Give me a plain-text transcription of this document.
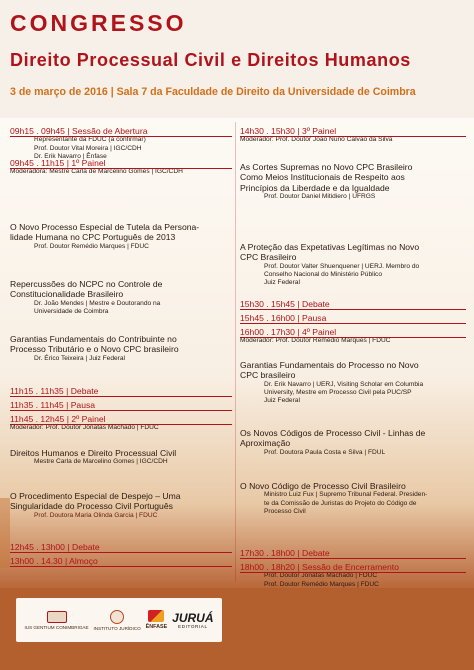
CONGRESSO
Direito Processual Civil e Direitos Humanos
3 de março de 2016 | Sala 7 da Faculdade de Direito da Universidade de Coimbra
09h15 . 09h45 | Sessão de Abertura
Representante da FDUC (a confirmar)
Prof. Doutor Vital Moreira | IGC/CDH
Dr. Erik Navarro | Ênfase
09h45 . 11h15 | 1º Painel
Moderadora: Mestre Carla de Marcelino Gomes | IGC/CDH
O Novo Processo Especial de Tutela da Persona-
lidade Humana no CPC Português de 2013
Prof. Doutor Remédio Marques | FDUC
Repercussões do NCPC no Controle de
Constitucionalidade Brasileiro
Dr. João Mendes | Mestre e Doutorando na
Universidade de Coimbra
Garantias Fundamentais do Contribuinte no
Processo Tributário e o Novo CPC brasileiro
Dr. Érico Teixeira | Juiz Federal
11h15 . 11h35 | Debate
11h35 . 11h45 | Pausa
11h45 . 12h45 | 2º Painel
Moderador: Prof. Doutor Jónatas Machado | FDUC
Direitos Humanos e Direito Processual Civil
Mestre Carla de Marcelino Gomes | IGC/CDH
O Procedimento Especial de Despejo – Uma
Singularidade do Processo Civil Português
Prof. Doutora Maria Olinda Garcia | FDUC
12h45 . 13h00 | Debate
13h00 . 14.30 | Almoço
14h30 . 15h30 | 3º Painel
Moderador: Prof. Doutor João Nuno Calvão da Silva
As Cortes Supremas no Novo CPC Brasileiro
Como Meios Institucionais de Respeito aos
Princípios da Liberdade e da Igualdade
Prof. Doutor Daniel Mitidiero | UFRGS
A Proteção das Expetativas Legítimas no Novo
CPC Brasileiro
Prof. Doutor Valter Shuenquener | UERJ. Membro do
Conselho Nacional do Ministério Público
Juiz Federal
15h30 . 15h45 | Debate
15h45 . 16h00 | Pausa
16h00 . 17h30 | 4º Painel
Moderador: Prof. Doutor Remédio Marques | FDUC
Garantias Fundamentais do Processo no Novo
CPC brasileiro
Dr. Erik Navarro | UERJ, Visiting Scholar em Columbia
University, Mestre em Processo Civil pela PUC/SP
Juiz Federal
Os Novos Códigos de Processo Civil - Linhas de
Aproximação
Prof. Doutora Paula Costa e Silva | FDUL
O Novo Código de Processo Civil Brasileiro
Ministro Luiz Fux | Supremo Tribunal Federal. Presiden-
te da Comissão de Juristas do Projeto do Código de
Processo Civil
17h30 . 18h00 | Debate
18h00 . 18h20 | Sessão de Encerramento
Prof. Doutor Jónatas Machado | FDUC
Prof. Doutor Remédio Marques | FDUC
IUS GENTIUM CONIMBRIGAE INSTITUTO JURÍDICO ÊNFASE
JURUÁ
EDITORIAL
